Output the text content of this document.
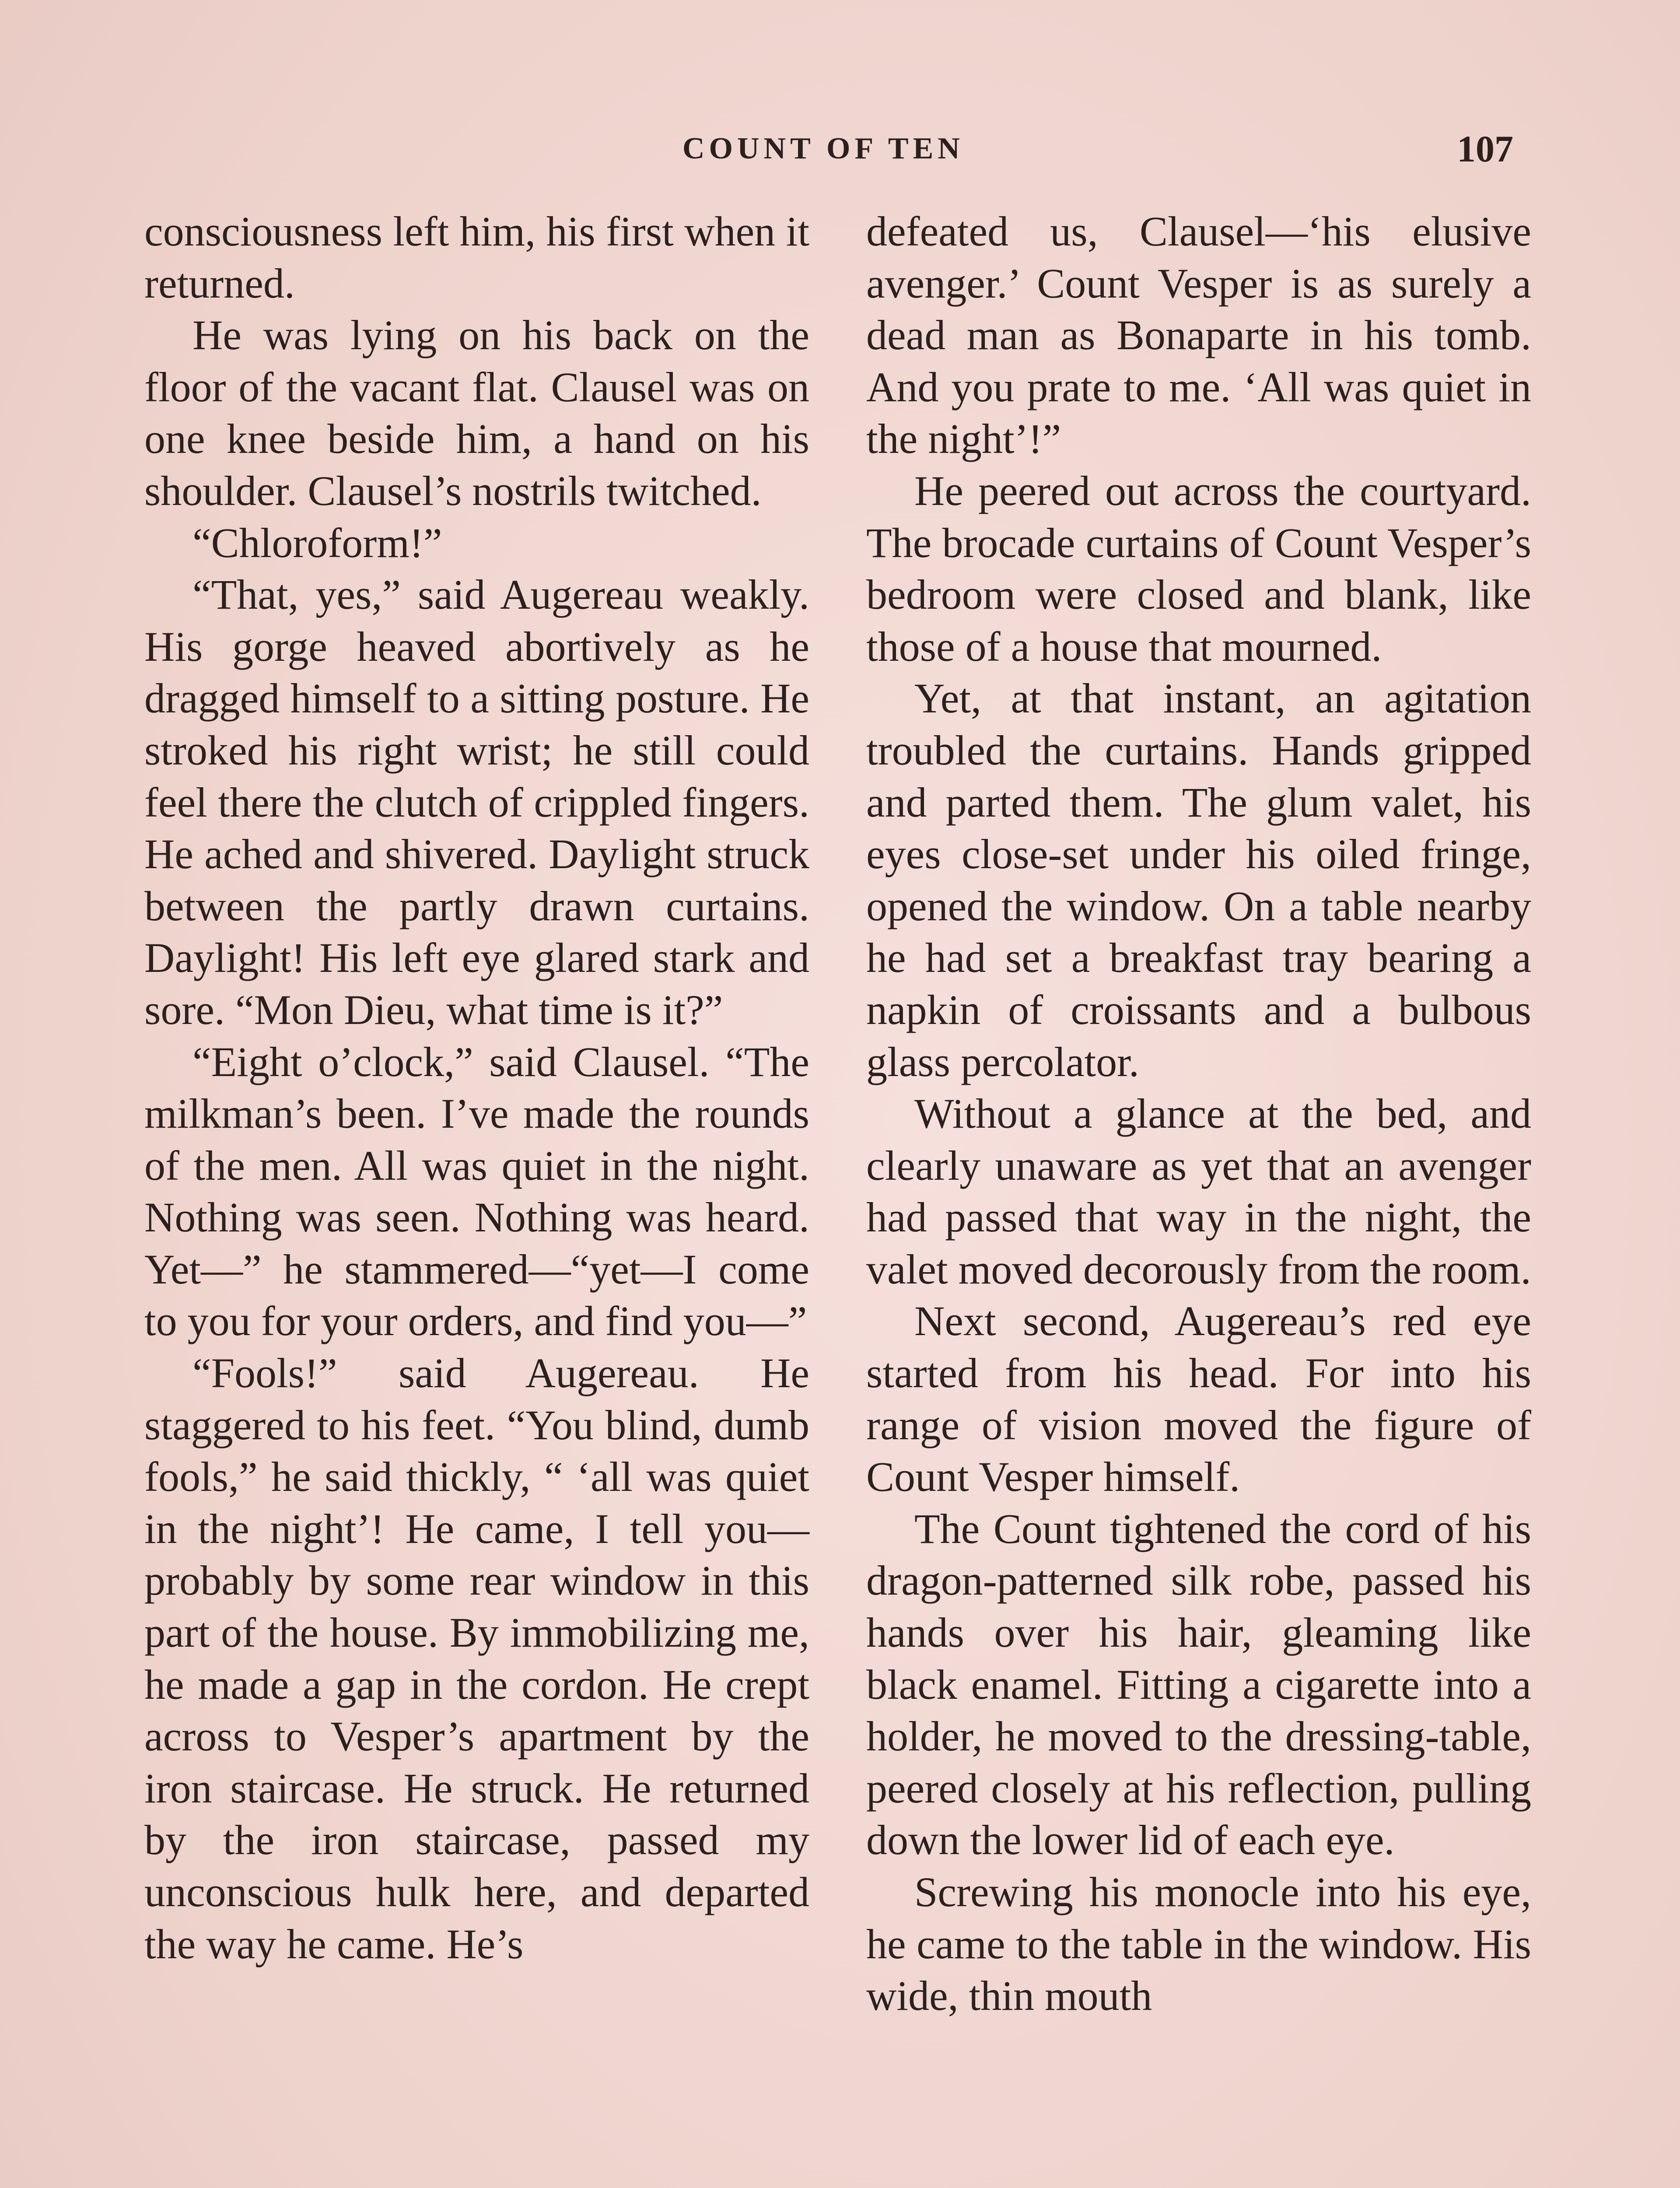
COUNT OF TEN	107

consciousness left him, his first when it returned.

He was lying on his back on the floor of the vacant flat. Clausel was on one knee beside him, a hand on his shoulder. Clausel’s nostrils twitched.

“Chloroform!”

“That, yes,” said Augereau weakly. His gorge heaved abortively as he dragged himself to a sitting posture. He stroked his right wrist; he still could feel there the clutch of crippled fingers. He ached and shivered. Daylight struck between the partly drawn curtains. Daylight! His left eye glared stark and sore. “Mon Dieu, what time is it?”

“Eight o’clock,” said Clausel. “The milkman’s been. I’ve made the rounds of the men. All was quiet in the night. Nothing was seen. Nothing was heard. Yet—” he stammered—“yet—I come to you for your orders, and find you—”

“Fools!” said Augereau. He staggered to his feet. “You blind, dumb fools,” he said thickly, “ ‘all was quiet in the night’! He came, I tell you—probably by some rear window in this part of the house. By immobilizing me, he made a gap in the cordon. He crept across to Vesper’s apartment by the iron staircase. He struck. He returned by the iron staircase, passed my unconscious hulk here, and departed the way he came. He’s

defeated us, Clausel—‘his elusive avenger.’ Count Vesper is as surely a dead man as Bonaparte in his tomb. And you prate to me. ‘All was quiet in the night’!”

He peered out across the courtyard. The brocade curtains of Count Vesper’s bedroom were closed and blank, like those of a house that mourned.

Yet, at that instant, an agitation troubled the curtains. Hands gripped and parted them. The glum valet, his eyes close-set under his oiled fringe, opened the window. On a table nearby he had set a breakfast tray bearing a napkin of croissants and a bulbous glass percolator.

Without a glance at the bed, and clearly unaware as yet that an avenger had passed that way in the night, the valet moved decorously from the room.

Next second, Augereau’s red eye started from his head. For into his range of vision moved the figure of Count Vesper himself.

The Count tightened the cord of his dragon-patterned silk robe, passed his hands over his hair, gleaming like black enamel. Fitting a cigarette into a holder, he moved to the dressing-table, peered closely at his reflection, pulling down the lower lid of each eye.

Screwing his monocle into his eye, he came to the table in the window. His wide, thin mouth
